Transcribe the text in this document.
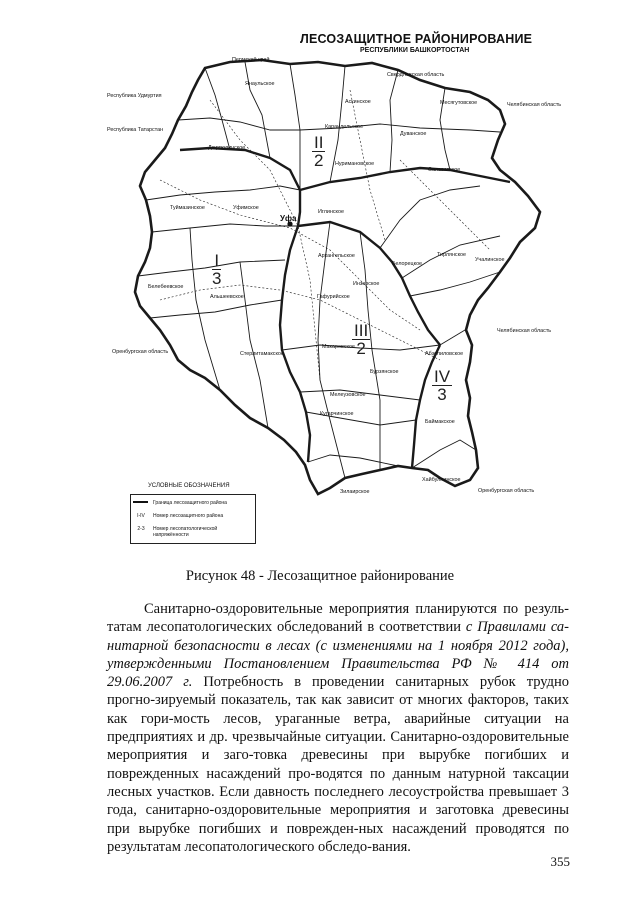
ЛЕСОЗАЩИТНОЕ РАЙОНИРОВАНИЕ
РЕСПУБЛИКИ БАШКОРТОСТАН
Пермский край
Республика Удмуртия
Республика Татарстан
Свердловская область
Челябинская область
Челябинская область
Оренбургская область
Оренбургская область
Янаульское
Аскинское
Караидельское
Дуванское
Месягутовское
Салаватское
Нуримановское
Дюртюлинское
Туймазинское	Уфимское
Уфа
Иглинское
Архангельское
Белорецкое
Учалинское
Белебеевское
Альшеевское
Тирлянское
Гафурийское
Инзерское
Стерлитамакское
Макаровское
Бурзянское
Абзелиловское
Мелеузовское
Кугарчинское
Баймакское
Хайбуллинское
Зилаирское
II
2
I
3
III
2
IV
3
УСЛОВНЫЕ ОБОЗНАЧЕНИЯ
Граница лесозащитного района
I-IV	Номер лесозащитного района
2-3	Номер лесопатологической напряжённости
Рисунок 48 - Лесозащитное районирование
Санитарно-оздоровительные мероприятия планируются по резуль-татам лесопатологических обследований в соответствии с Правилами са-нитарной безопасности в лесах (с изменениями на 1 ноября 2012 года), утвержденными Постановлением Правительства РФ № 414 от 29.06.2007 г. Потребность в проведении санитарных рубок трудно прогно-зируемый показатель, так как зависит от многих факторов, таких как гори-мость лесов, ураганные ветра, аварийные ситуации на предприятиях и др. чрезвычайные ситуации. Санитарно-оздоровительные мероприятия и заго-товка древесины при вырубке погибших и поврежденных насаждений про-водятся по данным натурной таксации лесных участков. Если давность последнего лесоустройства превышает 3 года, санитарно-оздоровительные мероприятия и заготовка древесины при вырубке погибших и поврежден-ных насаждений проводятся по результатам лесопатологического обследо-вания.
355
